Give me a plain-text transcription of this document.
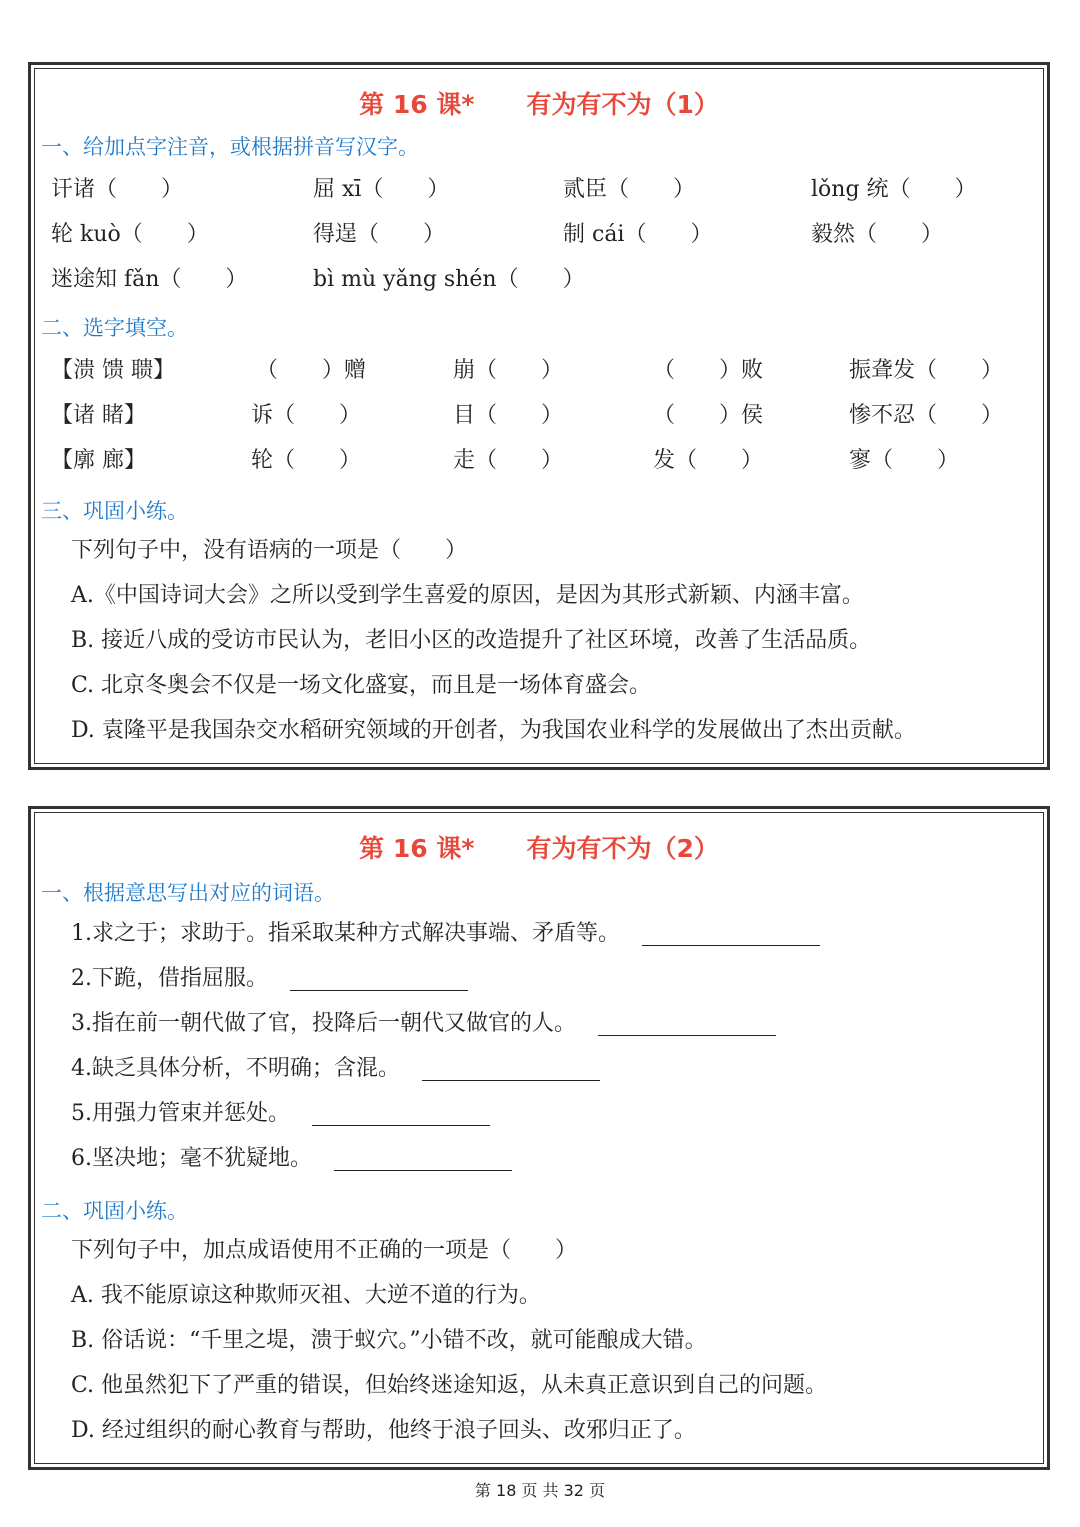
第 16 课* 有为有不为（1）
一、给加点字注音，或根据拼音写汉字。
讦诸（　　）	屈 xī（　　）	贰臣（　　）	lǒng 统（　　）
轮 kuò（　　）	得逞（　　）	制 cái（　　）	毅然（　　）
迷途知 fǎn（　　）	bì mù yǎng shén（　　）
二、选字填空。
【溃 馈 聩】	（　　）赠	崩（　　）	（　　）败	振聋发（　　）
【诸 睹】	诉（　　）	目（　　）	（　　）侯	惨不忍（　　）
【廓 廊】	轮（　　）	走（　　）	发（　　）	寥（　　）
三、巩固小练。
下列句子中，没有语病的一项是（　　）
A.《中国诗词大会》之所以受到学生喜爱的原因，是因为其形式新颖、内涵丰富。
B. 接近八成的受访市民认为，老旧小区的改造提升了社区环境，改善了生活品质。
C. 北京冬奥会不仅是一场文化盛宴，而且是一场体育盛会。
D. 袁隆平是我国杂交水稻研究领域的开创者，为我国农业科学的发展做出了杰出贡献。
第 16 课* 有为有不为（2）
一、根据意思写出对应的词语。
1.求之于；求助于。指采取某种方式解决事端、矛盾等。
2.下跪，借指屈服。
3.指在前一朝代做了官，投降后一朝代又做官的人。
4.缺乏具体分析，不明确；含混。
5.用强力管束并惩处。
6.坚决地；毫不犹疑地。
二、巩固小练。
下列句子中，加点成语使用不正确的一项是（　　）
A. 我不能原谅这种欺师灭祖、大逆不道的行为。
B. 俗话说：“千里之堤，溃于蚁穴。”小错不改，就可能酿成大错。
C. 他虽然犯下了严重的错误，但始终迷途知返，从未真正意识到自己的问题。
D. 经过组织的耐心教育与帮助，他终于浪子回头、改邪归正了。
第 18 页 共 32 页
